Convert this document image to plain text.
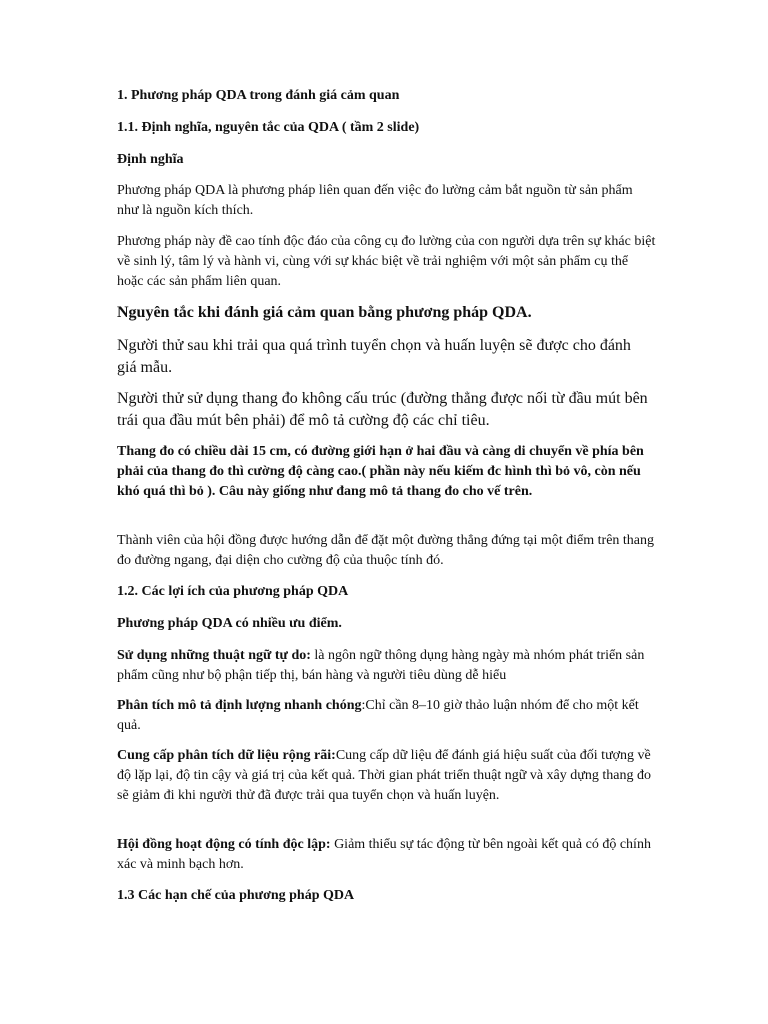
1. Phương pháp QDA trong đánh giá cảm quan

1.1. Định nghĩa, nguyên tắc của QDA ( tầm 2 slide)

Định nghĩa

Phương pháp QDA là phương pháp liên quan đến việc đo lường cảm bắt nguồn từ sản phẩm như là nguồn kích thích.

Phương pháp này đề cao tính độc đáo của công cụ đo lường của con người dựa trên sự khác biệt về sinh lý, tâm lý và hành vi, cùng với sự khác biệt về trải nghiệm với một sản phẩm cụ thể hoặc các sản phẩm liên quan.

Nguyên tắc khi đánh giá cảm quan bằng phương pháp QDA.

Người thử sau khi trải qua quá trình tuyển chọn và huấn luyện sẽ được cho đánh giá mẫu.

Người thử sử dụng thang đo không cấu trúc (đường thẳng được nối từ đầu mút bên trái qua đầu mút bên phải) để mô tả cường độ các chỉ tiêu.

Thang đo có chiều dài 15 cm, có đường giới hạn ở hai đầu và càng di chuyển về phía bên phải của thang đo thì cường độ càng cao.( phần này nếu kiếm đc hình thì bỏ vô, còn nếu khó quá thì bỏ ). Câu này giống như đang mô tả thang đo cho vế trên.

Thành viên của hội đồng được hướng dẫn để đặt một đường thẳng đứng tại một điểm trên thang đo đường ngang, đại diện cho cường độ của thuộc tính đó.

1.2. Các lợi ích của phương pháp QDA

Phương pháp QDA có nhiều ưu điểm.

Sử dụng những thuật ngữ tự do: là ngôn ngữ thông dụng hàng ngày mà nhóm phát triển sản phẩm cũng như bộ phận tiếp thị, bán hàng và người tiêu dùng dễ hiểu

Phân tích mô tả định lượng nhanh chóng:Chỉ cần 8–10 giờ thảo luận nhóm để cho một kết quả.

Cung cấp phân tích dữ liệu rộng rãi:Cung cấp dữ liệu để đánh giá hiệu suất của đối tượng về độ lặp lại, độ tin cậy và giá trị của kết quả. Thời gian phát triển thuật ngữ và xây dựng thang đo sẽ giảm đi khi người thử đã được trải qua tuyển chọn và huấn luyện.

Hội đồng hoạt động có tính độc lập: Giảm thiểu sự tác động từ bên ngoài kết quả có độ chính xác và minh bạch hơn.

1.3 Các hạn chế của phương pháp QDA
